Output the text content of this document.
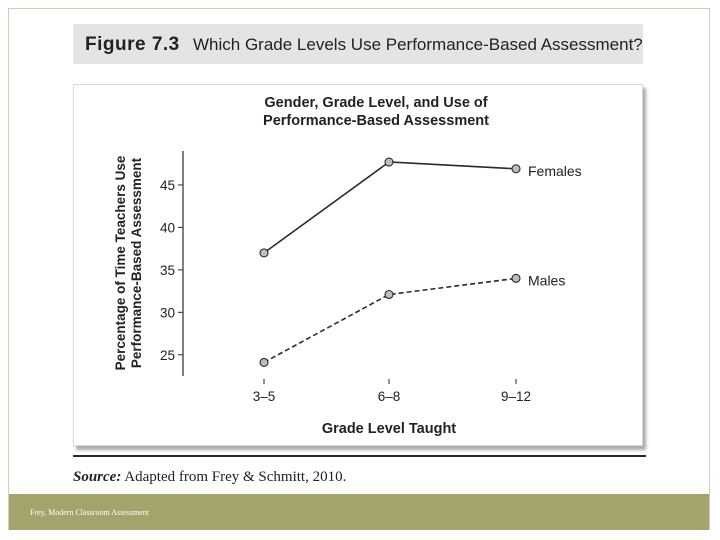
Figure 7.3 Which Grade Levels Use Performance-Based Assessment?
Gender, Grade Level, and Use of
Performance-Based Assessment
25
30
35
40
45
3–5	6–8	9–12
Grade Level Taught
Percentage of Time Teachers Use Performance-Based Assessment	Females
Males
Source: Adapted from Frey & Schmitt, 2010.
Frey, Modern Classroom Assessment
